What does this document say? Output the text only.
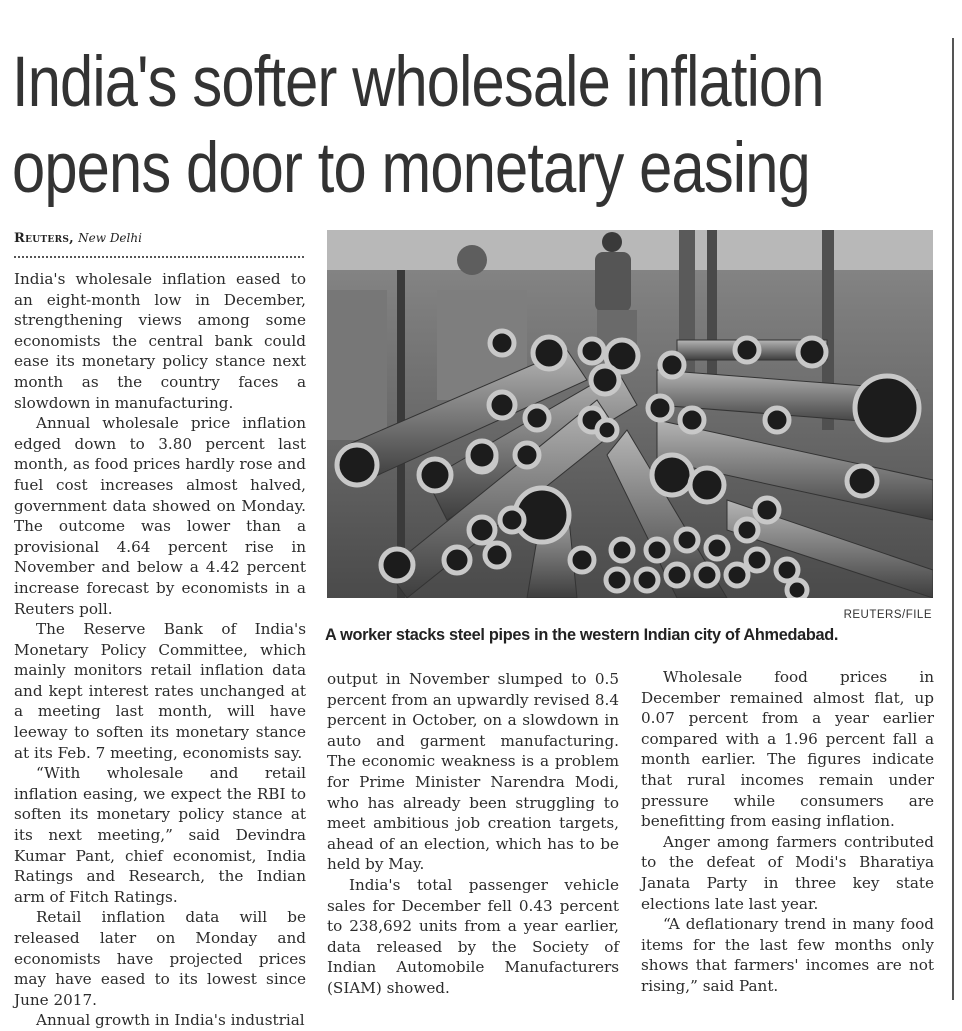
India's softer wholesale inflation
opens door to monetary easing
Reuters, New Delhi

India's wholesale inflation eased to an eight-month low in December, strengthening views among some economists the central bank could ease its monetary policy stance next month as the country faces a slowdown in manufacturing.

Annual wholesale price inflation edged down to 3.80 percent last month, as food prices hardly rose and fuel cost increases almost halved, government data showed on Monday. The outcome was lower than a provisional 4.64 percent rise in November and below a 4.42 percent increase forecast by economists in a Reuters poll.

The Reserve Bank of India's Monetary Policy Committee, which mainly monitors retail inflation data and kept interest rates unchanged at a meeting last month, will have leeway to soften its monetary stance at its Feb. 7 meeting, economists say.

“With wholesale and retail inflation easing, we expect the RBI to soften its monetary policy stance at its next meeting,” said Devindra Kumar Pant, chief economist, India Ratings and Research, the Indian arm of Fitch Ratings.

Retail inflation data will be released later on Monday and economists have projected prices may have eased to its lowest since June 2017.

Annual growth in India's industrial

REUTERS/FILE
A worker stacks steel pipes in the western Indian city of Ahmedabad.

output in November slumped to 0.5 percent from an upwardly revised 8.4 percent in October, on a slowdown in auto and garment manufacturing. The economic weakness is a problem for Prime Minister Narendra Modi, who has already been struggling to meet ambitious job creation targets, ahead of an election, which has to be held by May.

India's total passenger vehicle sales for December fell 0.43 percent to 238,692 units from a year earlier, data released by the Society of Indian Automobile Manufacturers (SIAM) showed.

Wholesale food prices in December remained almost flat, up 0.07 percent from a year earlier compared with a 1.96 percent fall a month earlier. The figures indicate that rural incomes remain under pressure while consumers are benefitting from easing inflation.

Anger among farmers contributed to the defeat of Modi's Bharatiya Janata Party in three key state elections late last year.

“A deflationary trend in many food items for the last few months only shows that farmers' incomes are not rising,” said Pant.
